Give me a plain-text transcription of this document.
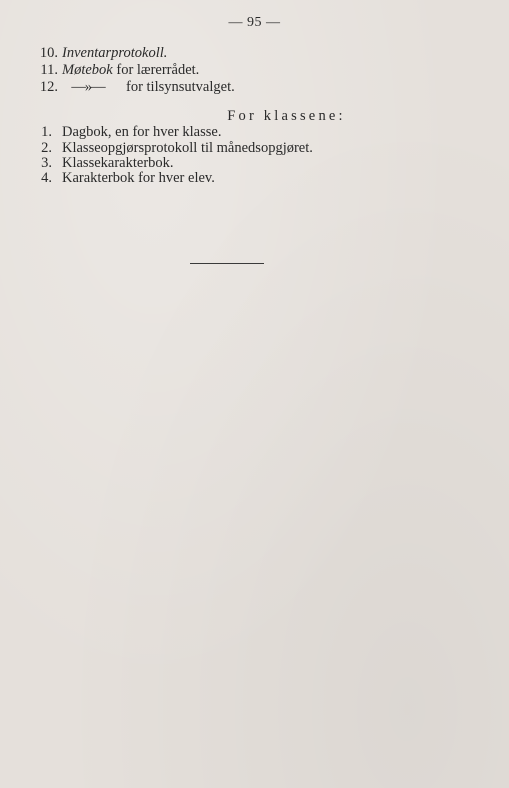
— 95 —
10. Inventarprotokoll.
11. Møtebok for lærerrådet.
12. —»— for tilsynsutvalget.
For klassene:
1. Dagbok, en for hver klasse.
2. Klasseopgjørsprotokoll til månedsopgjøret.
3. Klassekarakterbok.
4. Karakterbok for hver elev.
